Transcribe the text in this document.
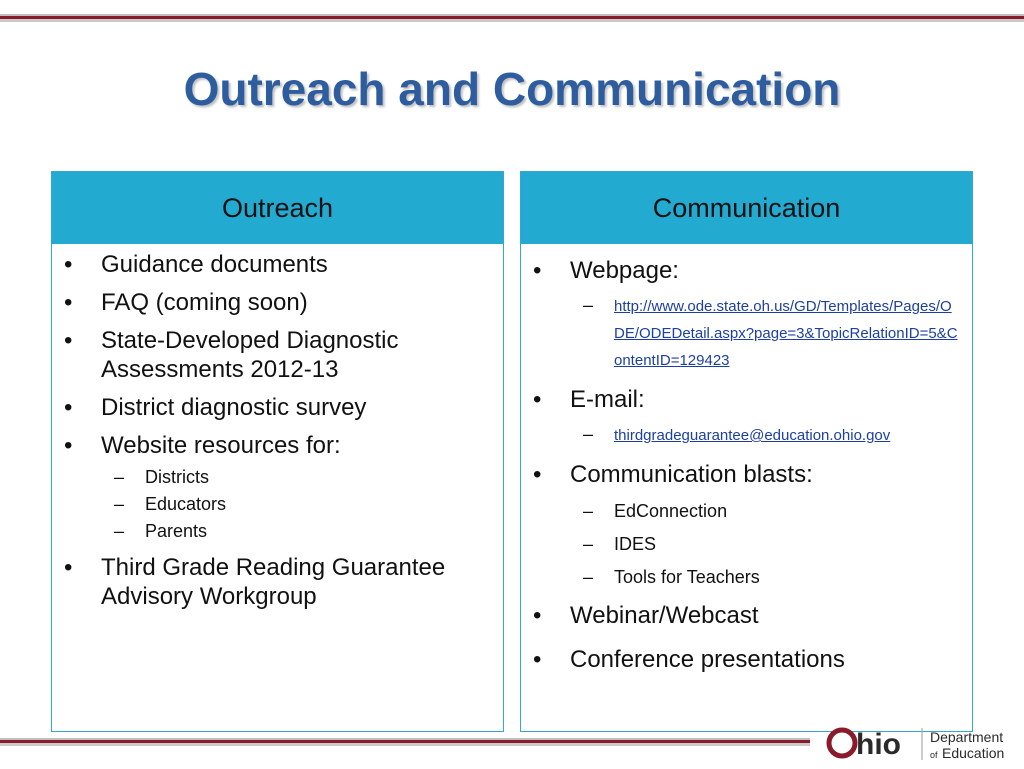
Outreach and Communication
Outreach
• Guidance documents
• FAQ (coming soon)
• State-Developed Diagnostic Assessments 2012-13
• District diagnostic survey
• Website resources for:
– Districts
– Educators
– Parents
• Third Grade Reading Guarantee Advisory Workgroup
Communication
• Webpage:
– http://www.ode.state.oh.us/GD/Templates/Pages/ODE/ODEDetail.aspx?page=3&TopicRelationID=5&ContentID=129423
• E-mail:
– thirdgradeguarantee@education.ohio.gov
• Communication blasts:
– EdConnection
– IDES
– Tools for Teachers
• Webinar/Webcast
• Conference presentations
hio Department
of Education
